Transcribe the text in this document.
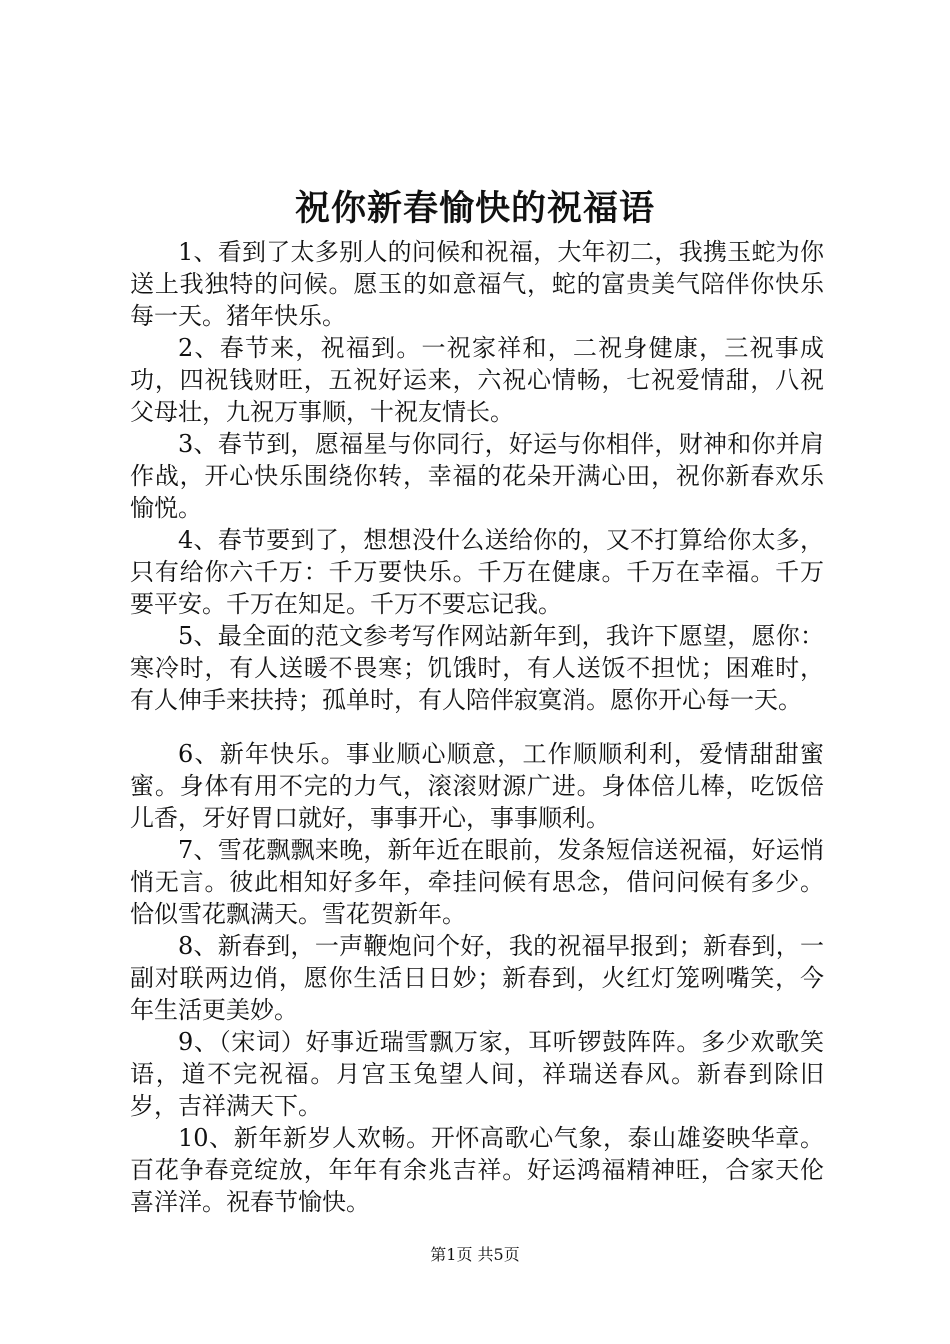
祝你新春愉快的祝福语

1、看到了太多别人的问候和祝福，大年初二，我携玉蛇为你送上我独特的问候。愿玉的如意福气，蛇的富贵美气陪伴你快乐每一天。猪年快乐。

2、春节来，祝福到。一祝家祥和，二祝身健康，三祝事成功，四祝钱财旺，五祝好运来，六祝心情畅，七祝爱情甜，八祝父母壮，九祝万事顺，十祝友情长。

3、春节到，愿福星与你同行，好运与你相伴，财神和你并肩作战，开心快乐围绕你转，幸福的花朵开满心田，祝你新春欢乐愉悦。

4、春节要到了，想想没什么送给你的，又不打算给你太多，只有给你六千万：千万要快乐。千万在健康。千万在幸福。千万要平安。千万在知足。千万不要忘记我。

5、最全面的范文参考写作网站新年到，我许下愿望，愿你：寒冷时，有人送暖不畏寒；饥饿时，有人送饭不担忧；困难时，有人伸手来扶持；孤单时，有人陪伴寂寞消。愿你开心每一天。

6、新年快乐。事业顺心顺意，工作顺顺利利，爱情甜甜蜜蜜。身体有用不完的力气，滚滚财源广进。身体倍儿棒，吃饭倍儿香，牙好胃口就好，事事开心，事事顺利。

7、雪花飘飘来晚，新年近在眼前，发条短信送祝福，好运悄悄无言。彼此相知好多年，牵挂问候有思念，借问问候有多少。恰似雪花飘满天。雪花贺新年。

8、新春到，一声鞭炮问个好，我的祝福早报到；新春到，一副对联两边俏，愿你生活日日妙；新春到，火红灯笼咧嘴笑，今年生活更美妙。

9、（宋词）好事近瑞雪飘万家，耳听锣鼓阵阵。多少欢歌笑语，道不完祝福。月宫玉兔望人间，祥瑞送春风。新春到除旧岁，吉祥满天下。

10、新年新岁人欢畅。开怀高歌心气象，泰山雄姿映华章。百花争春竞绽放，年年有余兆吉祥。好运鸿福精神旺，合家天伦喜洋洋。祝春节愉快。

第1页 共5页
